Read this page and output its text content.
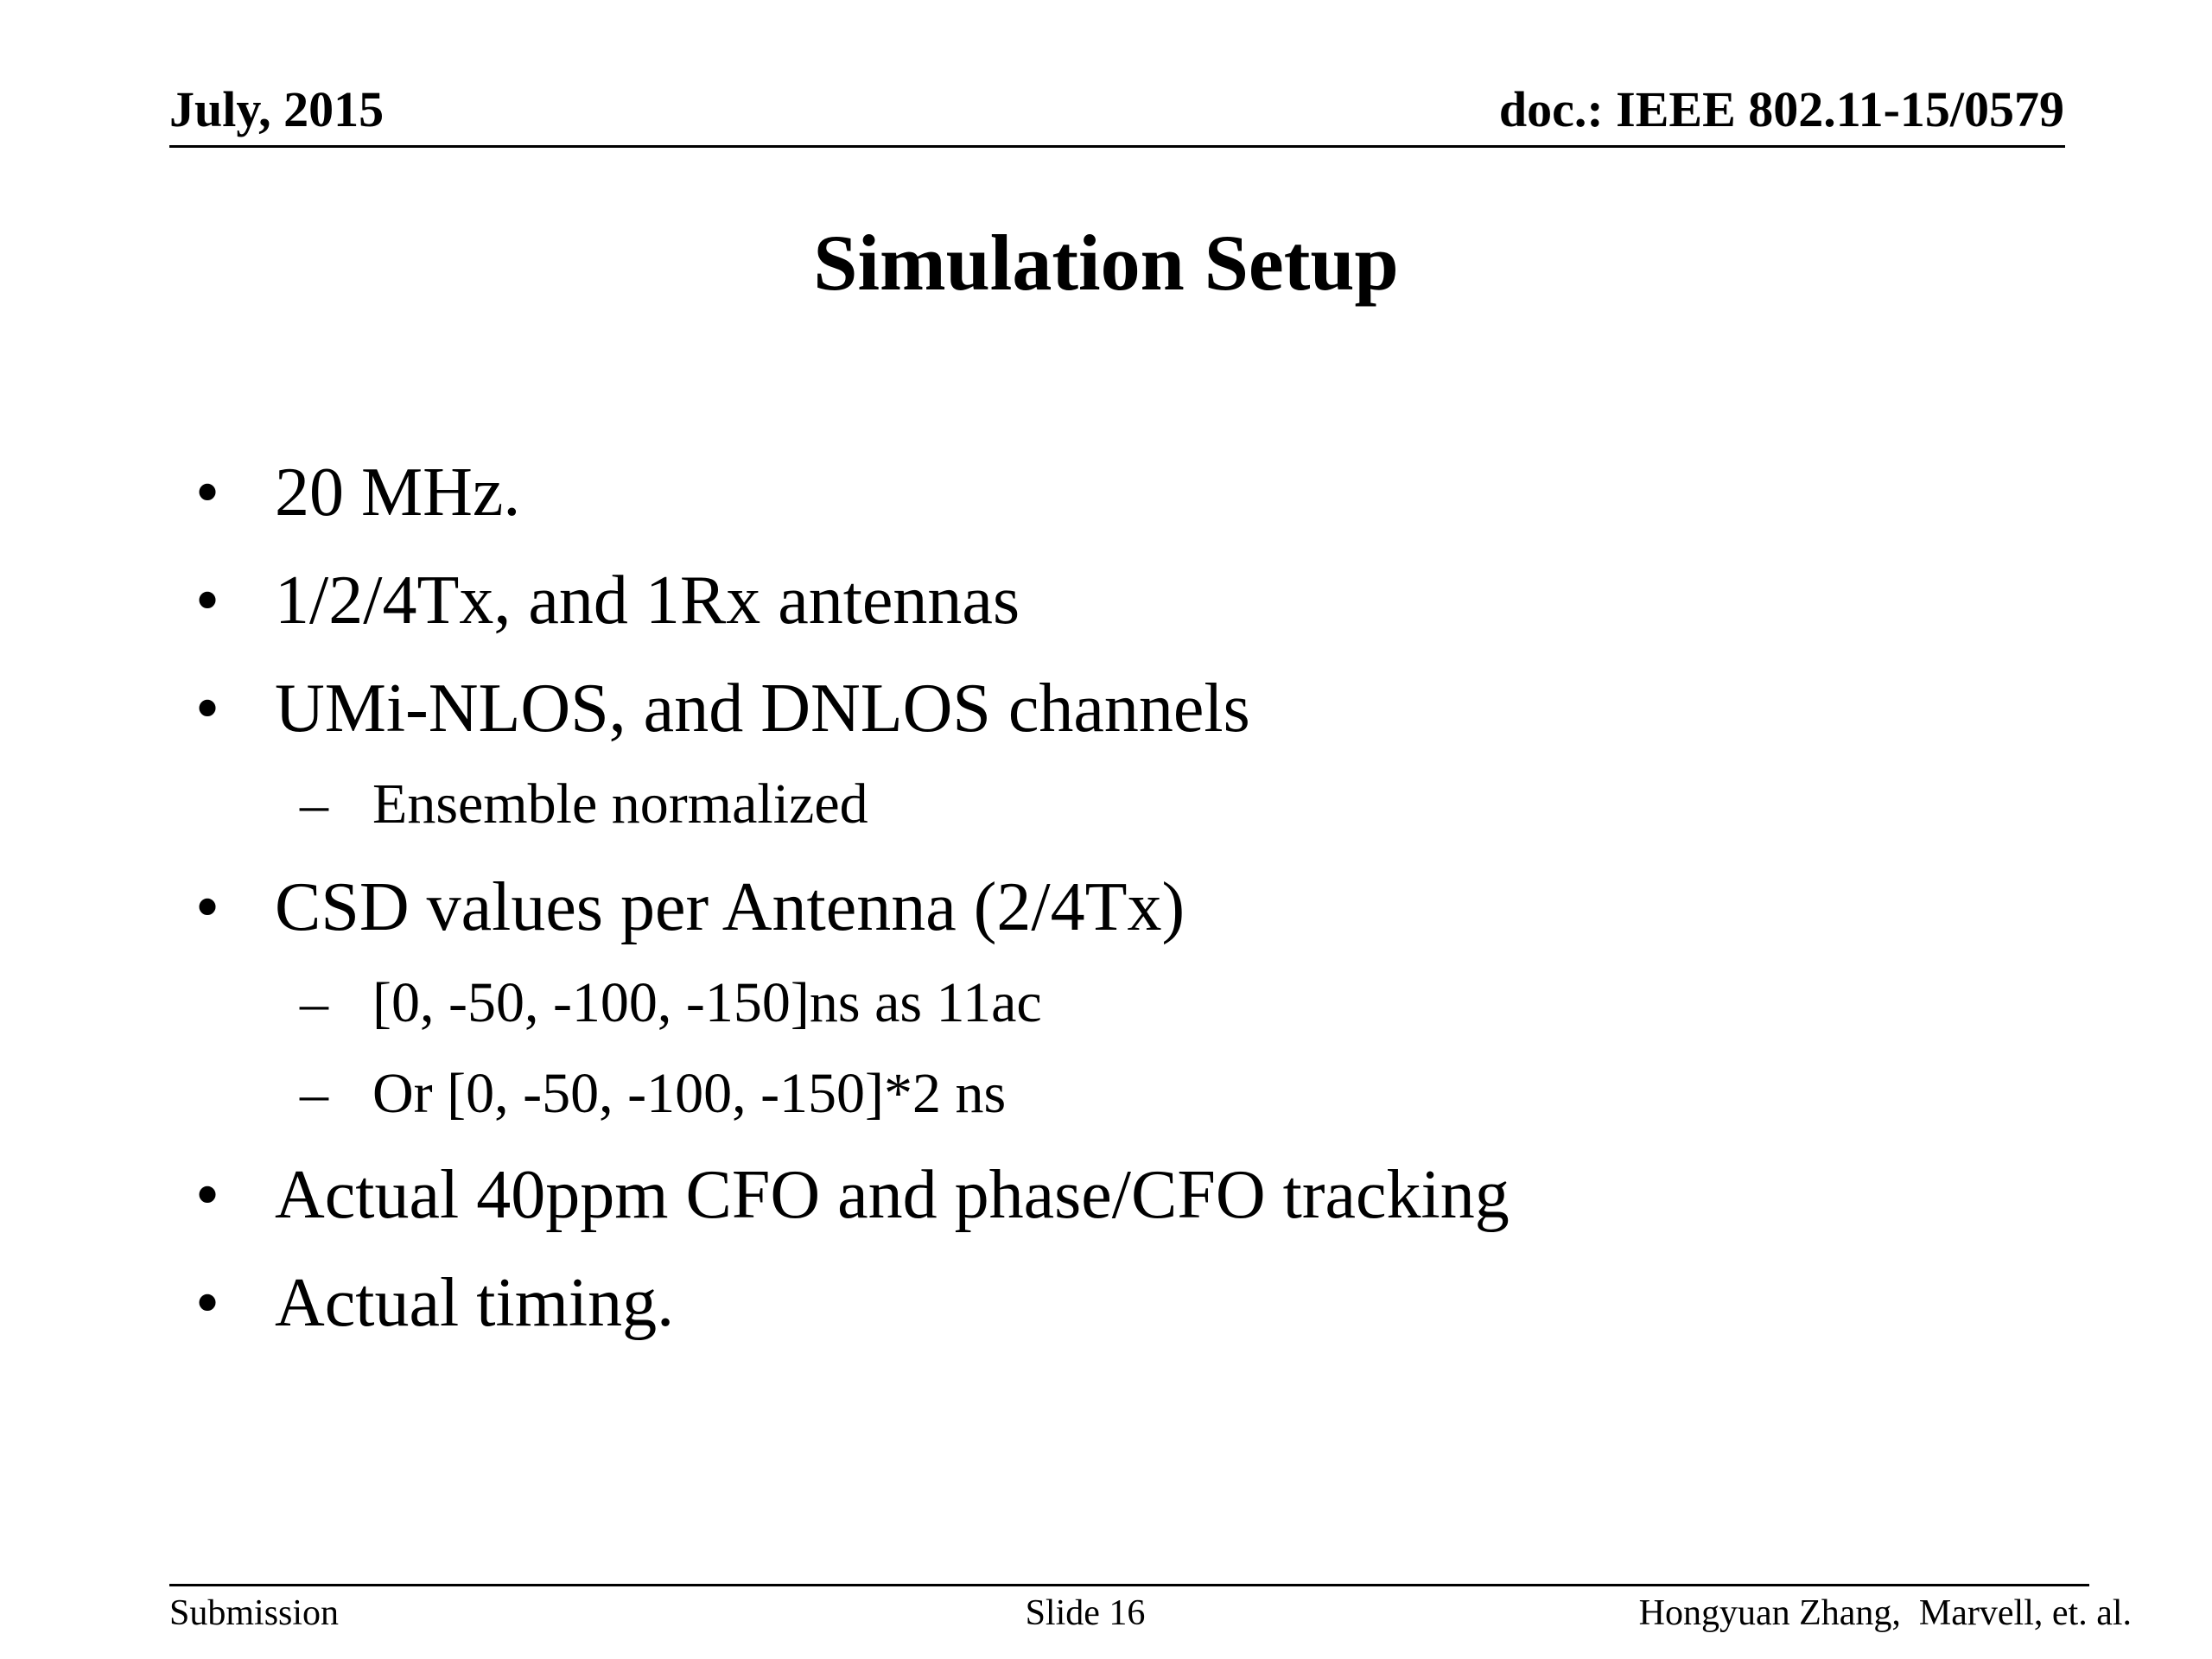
July, 2015	doc.: IEEE 802.11-15/0579
Simulation Setup
• 20 MHz.
• 1/2/4Tx, and 1Rx antennas
• UMi-NLOS, and DNLOS channels
– Ensemble normalized
• CSD values per Antenna (2/4Tx)
– [0, -50, -100, -150]ns as 11ac
– Or [0, -50, -100, -150]*2 ns
• Actual 40ppm CFO and phase/CFO tracking
• Actual timing.
Submission	Slide 16	Hongyuan Zhang,  Marvell, et. al.
